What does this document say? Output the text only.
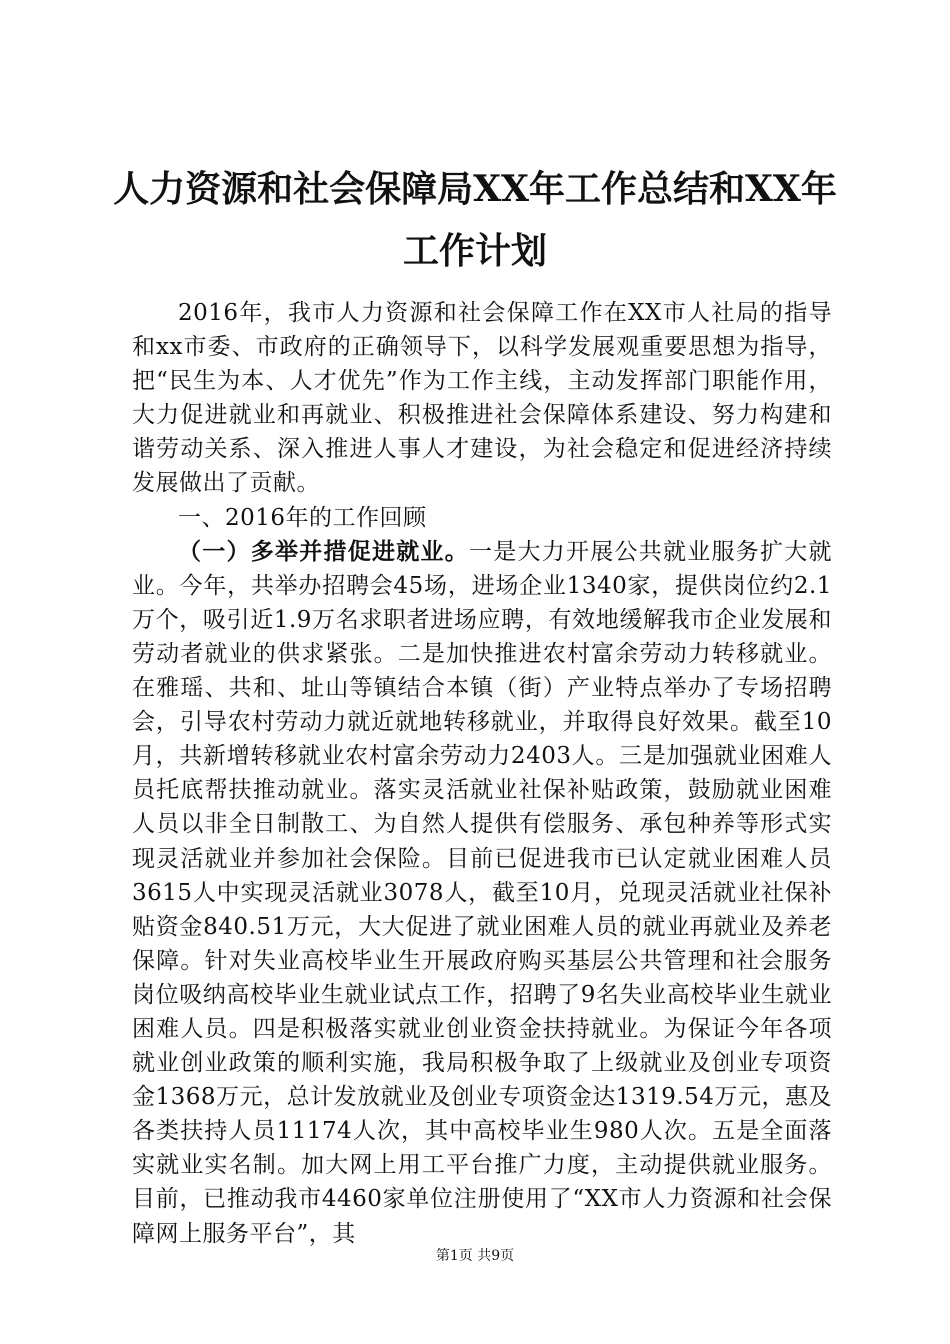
人力资源和社会保障局XX年工作总结和XX年工作计划

2016年，我市人力资源和社会保障工作在XX市人社局的指导和xx市委、市政府的正确领导下，以科学发展观重要思想为指导，把“民生为本、人才优先”作为工作主线，主动发挥部门职能作用，大力促进就业和再就业、积极推进社会保障体系建设、努力构建和谐劳动关系、深入推进人事人才建设，为社会稳定和促进经济持续发展做出了贡献。

一、2016年的工作回顾

（一）多举并措促进就业。一是大力开展公共就业服务扩大就业。今年，共举办招聘会45场，进场企业1340家，提供岗位约2.1万个，吸引近1.9万名求职者进场应聘，有效地缓解我市企业发展和劳动者就业的供求紧张。二是加快推进农村富余劳动力转移就业。在雅瑶、共和、址山等镇结合本镇（街）产业特点举办了专场招聘会，引导农村劳动力就近就地转移就业，并取得良好效果。截至10月，共新增转移就业农村富余劳动力2403人。三是加强就业困难人员托底帮扶推动就业。落实灵活就业社保补贴政策，鼓励就业困难人员以非全日制散工、为自然人提供有偿服务、承包种养等形式实现灵活就业并参加社会保险。目前已促进我市已认定就业困难人员3615人中实现灵活就业3078人，截至10月，兑现灵活就业社保补贴资金840.51万元，大大促进了就业困难人员的就业再就业及养老保障。针对失业高校毕业生开展政府购买基层公共管理和社会服务岗位吸纳高校毕业生就业试点工作，招聘了9名失业高校毕业生就业困难人员。四是积极落实就业创业资金扶持就业。为保证今年各项就业创业政策的顺利实施，我局积极争取了上级就业及创业专项资金1368万元，总计发放就业及创业专项资金达1319.54万元，惠及各类扶持人员11174人次，其中高校毕业生980人次。五是全面落实就业实名制。加大网上用工平台推广力度，主动提供就业服务。目前，已推动我市4460家单位注册使用了“XX市人力资源和社会保障网上服务平台”，其

第1页 共9页
